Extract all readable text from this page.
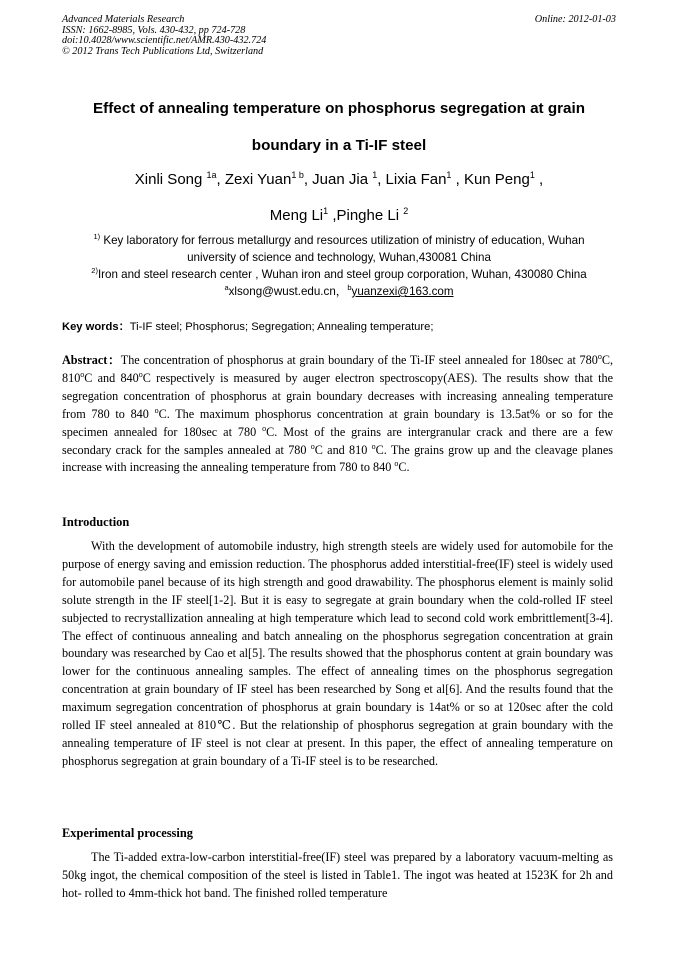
Advanced Materials Research
ISSN: 1662-8985, Vols. 430-432, pp 724-728
doi:10.4028/www.scientific.net/AMR.430-432.724
© 2012 Trans Tech Publications Ltd, Switzerland
Online: 2012-01-03
Effect of annealing temperature on phosphorus segregation at grain
boundary in a Ti-IF steel
Xinli Song $^{1a}$, Zexi Yuan$^{1 b}$, Juan Jia $^1$, Lixia Fan$^1$ , Kun Peng$^1$ ,
Meng Li$^1$ ,Pinghe Li $^2$
$^{1)}$ Key laboratory for ferrous metallurgy and resources utilization of ministry of education, Wuhan
university of science and technology, Wuhan,430081 China
$^{2)}$Iron and steel research center , Wuhan iron and steel group corporation, Wuhan, 430080 China
$^a$xlsong@wust.edu.cn，$^b$yuanzexi@163.com
Key words：Ti-IF steel; Phosphorus; Segregation; Annealing temperature;
Abstract：The concentration of phosphorus at grain boundary of the Ti-IF steel annealed for 180sec at 780$^o$C, 810$^o$C and 840$^o$C respectively is measured by auger electron spectroscopy(AES). The results show that the segregation concentration of phosphorus at grain boundary decreases with increasing annealing temperature from 780 to 840 $^o$C. The maximum phosphorus concentration at grain boundary is 13.5at% or so for the specimen annealed for 180sec at 780 $^o$C. Most of the grains are intergranular crack and there are a few secondary crack for the samples annealed at 780 $^o$C and 810 $^o$C. The grains grow up and the cleavage planes increase with increasing the annealing temperature from 780 to 840 $^o$C.
Introduction
With the development of automobile industry, high strength steels are widely used for automobile for the purpose of energy saving and emission reduction. The phosphorus added interstitial-free(IF) steel is widely used for automobile panel because of its high strength and good drawability. The phosphorus element is mainly solid solute strength in the IF steel[1-2]. But it is easy to segregate at grain boundary when the cold-rolled IF steel subjected to recrystallization annealing at high temperature which lead to second cold work embrittlement[3-4]. The effect of continuous annealing and batch annealing on the phosphorus segregation concentration at grain boundary was researched by Cao et al[5]. The results showed that the phosphorus content at grain boundary was lower for the continuous annealing samples. The effect of annealing times on the phosphorus segregation concentration at grain boundary of IF steel has been researched by Song et al[6]. And the results found that the maximum segregation concentration of phosphorus at grain boundary is 14at% or so at 120sec after the cold rolled IF steel annealed at 810℃. But the relationship of phosphorus segregation at grain boundary with the annealing temperature of IF steel is not clear at present. In this paper, the effect of annealing temperature on phosphorus segregation at grain boundary of a Ti-IF steel is to be researched.
Experimental processing
The Ti-added extra-low-carbon interstitial-free(IF) steel was prepared by a laboratory vacuum-melting as 50kg ingot, the chemical composition of the steel is listed in Table1. The ingot was heated at 1523K for 2h and hot- rolled to 4mm-thick hot band. The finished rolled temperature
